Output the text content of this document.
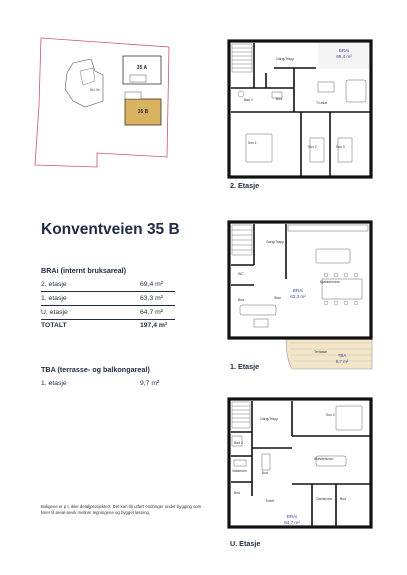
Bkt. 8b
35 A
35 B
Konventveien 35 B
BRAi (internt bruksareal)
2. etasje	69,4 m²
1. etasje	63,3 m²
U. etasje	64,7 m²
TOTALT	197,4 m²
TBA (terrasse- og balkongareal)
1. etasje	9,7 m²
Boligene er p.t. ikke detaljprosjektert. Det kan bli utført endringer under bygging som fører til areal-avvik mellom tegningene og bygget løsning.
Gang/Trapp
Bad 1	Bod
Tv-stue
Sov 1
Sov 2	Sov 3
BRAi
69,4 m²
2. Etasje
Gang/Trapp
WC
Bod
Kjøkken/stue
Stue
Terrasse
BRAi
63,3 m²
TBA
9,7 m²
1. Etasje
Gang/Trapp
Sov 4
Bad 2
Vaskerom
Aktivitetsrom
Bod
Entré	Garderobe Bod
Bod
BRAi
64,7 m²
U. Etasje
